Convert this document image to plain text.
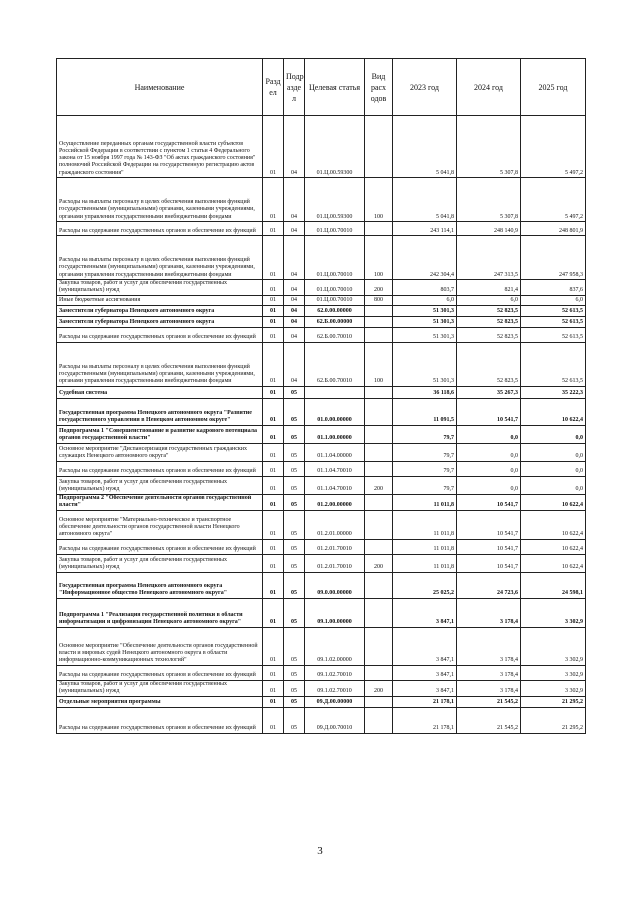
Наименование	Разд ел	Подр азде л	Целевая статья	Вид расх одов	2023 год	2024 год	2025 год
Осуществление переданных органам государственной власти субъектов Российской Федерации в соответствии с пунктом 1 статьи 4 Федерального закона от 15 ноября 1997 года № 143-ФЗ "Об актах гражданского состояния" полномочий Российской Федерации на государственную регистрацию актов гражданского состояния"	01	04	01.Ц.00.59300		5 041,8	5 307,8	5 497,2
Расходы на выплаты персоналу в целях обеспечения выполнения функций государственными (муниципальными) органами, казенными учреждениями, органами управления государственными внебюджетными фондами	01	04	01.Ц.00.59300	100	5 041,8	5 307,8	5 497,2
Расходы на содержание государственных органов и обеспечение их функций	01	04	01.Ц.00.70010		243 114,1	248 140,9	248 801,9
Расходы на выплаты персоналу в целях обеспечения выполнения функций государственными (муниципальными) органами, казенными учреждениями, органами управления государственными внебюджетными фондами	01	04	01.Ц.00.70010	100	242 304,4	247 313,5	247 958,3
Закупка товаров, работ и услуг для обеспечения государственных (муниципальных) нужд	01	04	01.Ц.00.70010	200	803,7	821,4	837,6
Иные бюджетные ассигнования	01	04	01.Ц.00.70010	800	6,0	6,0	6,0
Заместители губернатора Ненецкого автономного округа	01	04	62.0.00.00000		51 301,3	52 823,5	52 613,5
Заместители губернатора Ненецкого автономного округа	01	04	62.Б.00.00000		51 301,3	52 823,5	52 613,5
Расходы на содержание государственных органов и обеспечение их функций	01	04	62.Б.00.70010		51 301,3	52 823,5	52 613,5
Расходы на выплаты персоналу в целях обеспечения выполнения функций государственными (муниципальными) органами, казенными учреждениями, органами управления государственными внебюджетными фондами	01	04	62.Б.00.70010	100	51 301,3	52 823,5	52 613,5
Судебная система	01	05			36 118,6	35 267,3	35 222,3
Государственная программа Ненецкого автономного округа "Развитие государственного управления в Ненецком автономном округе"	01	05	01.0.00.00000		11 091,5	10 541,7	10 622,4
Подпрограмма 1 "Совершенствование и развитие кадрового потенциала органов государственной власти"	01	05	01.1.00.00000		79,7	0,0	0,0
Основное мероприятие "Диспансеризация государственных гражданских служащих Ненецкого автономного округа"	01	05	01.1.04.00000		79,7	0,0	0,0
Расходы на содержание государственных органов и обеспечение их функций	01	05	01.1.04.70010		79,7	0,0	0,0
Закупка товаров, работ и услуг для обеспечения государственных (муниципальных) нужд	01	05	01.1.04.70010	200	79,7	0,0	0,0
Подпрограмма 2 "Обеспечение деятельности органов государственной власти"	01	05	01.2.00.00000		11 011,8	10 541,7	10 622,4
Основное мероприятие "Материально-техническое и транспортное обеспечение деятельности органов государственной власти Ненецкого автономного округа"	01	05	01.2.01.00000		11 011,8	10 541,7	10 622,4
Расходы на содержание государственных органов и обеспечение их функций	01	05	01.2.01.70010		11 011,8	10 541,7	10 622,4
Закупка товаров, работ и услуг для обеспечения государственных (муниципальных) нужд	01	05	01.2.01.70010	200	11 011,8	10 541,7	10 622,4
Государственная программа Ненецкого автономного округа "Информационное общество Ненецкого автономного округа"	01	05	09.0.00.00000		25 025,2	24 723,6	24 598,1
Подпрограмма 1 "Реализация государственной политики в области информатизации и цифровизации Ненецкого автономного округа"	01	05	09.1.00.00000		3 847,1	3 178,4	3 302,9
Основное мероприятие "Обеспечение деятельности органов государственной власти и мировых судей Ненецкого автономного округа в области информационно-коммуникационных технологий"	01	05	09.1.02.00000		3 847,1	3 178,4	3 302,9
Расходы на содержание государственных органов и обеспечение их функций	01	05	09.1.02.70010		3 847,1	3 178,4	3 302,9
Закупка товаров, работ и услуг для обеспечения государственных (муниципальных) нужд	01	05	09.1.02.70010	200	3 847,1	3 178,4	3 302,9
Отдельные мероприятия программы	01	05	09.Д.00.00000		21 178,1	21 545,2	21 295,2
Расходы на содержание государственных органов и обеспечение их функций	01	05	09.Д.00.70010		21 178,1	21 545,2	21 295,2
3
